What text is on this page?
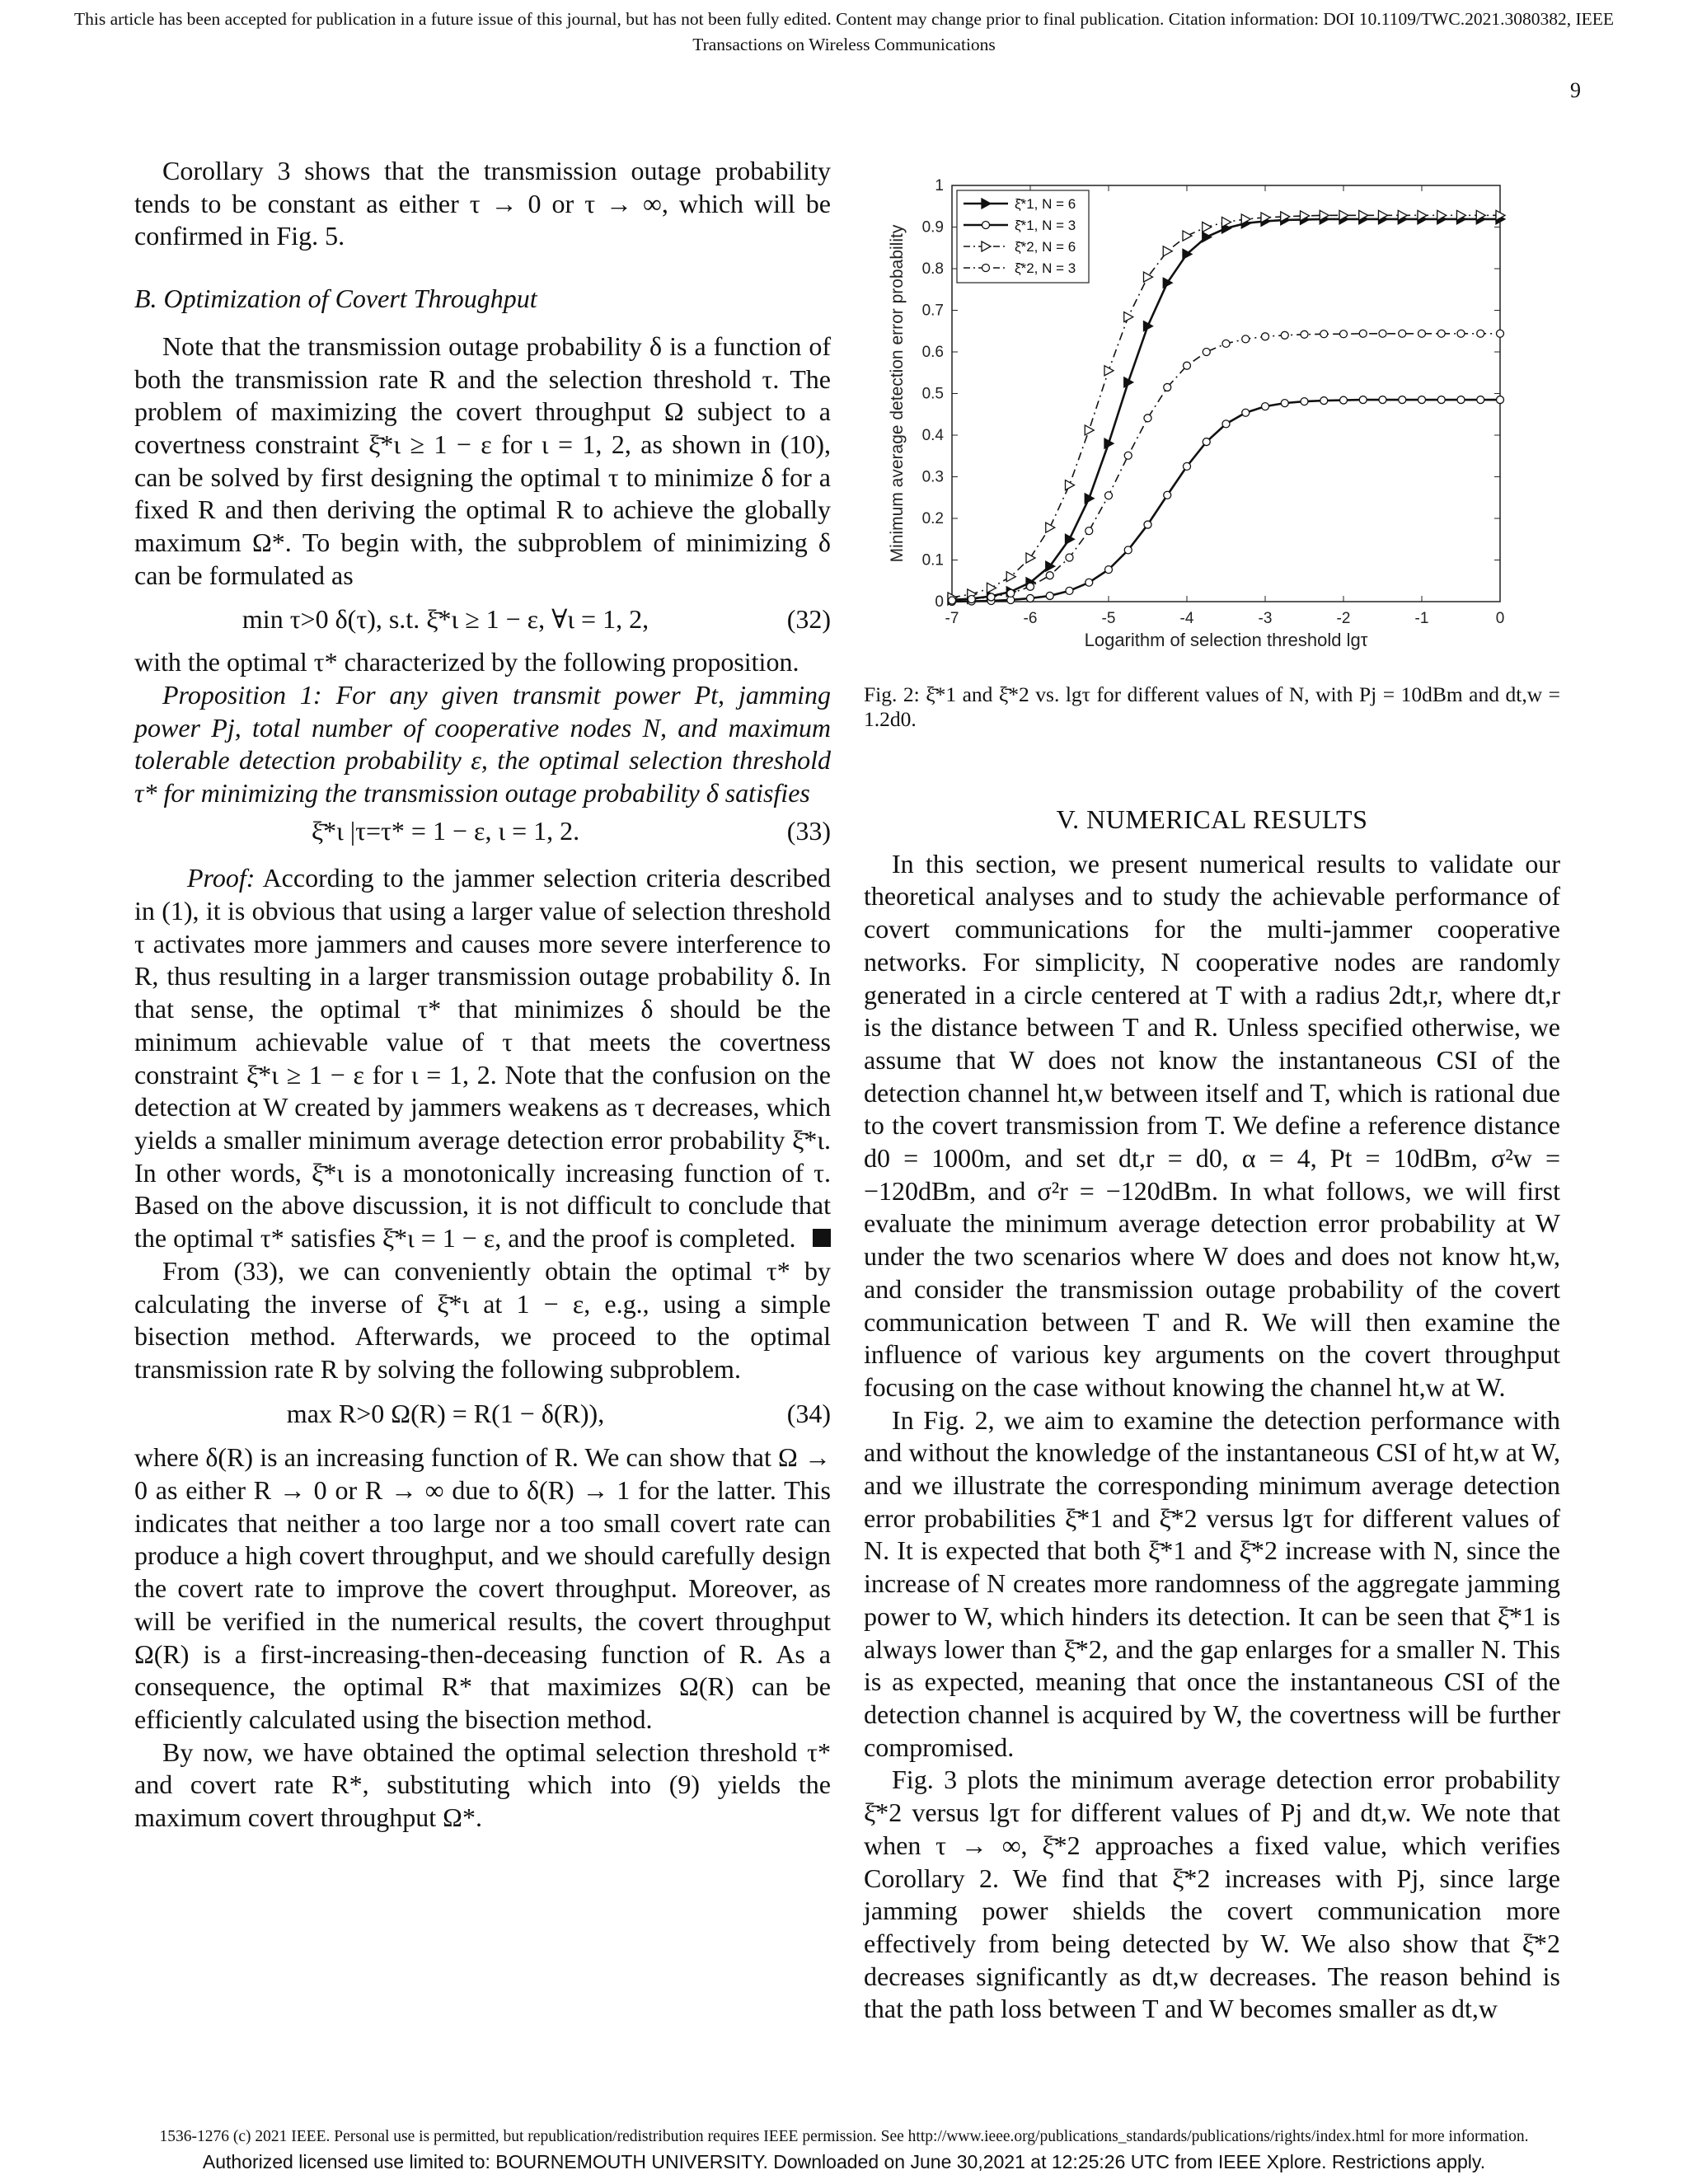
This article has been accepted for publication in a future issue of this journal, but has not been fully edited. Content may change prior to final publication. Citation information: DOI 10.1109/TWC.2021.3080382, IEEE
Transactions on Wireless Communications
9

Corollary 3 shows that the transmission outage probability tends to be constant as either τ → 0 or τ → ∞, which will be confirmed in Fig. 5.

B. Optimization of Covert Throughput

Note that the transmission outage probability δ is a function of both the transmission rate R and the selection threshold τ. The problem of maximizing the covert throughput Ω subject to a covertness constraint ξ̄*ι ≥ 1 − ε for ι = 1, 2, as shown in (10), can be solved by first designing the optimal τ to minimize δ for a fixed R and then deriving the optimal R to achieve the globally maximum Ω*. To begin with, the subproblem of minimizing δ can be formulated as

min τ>0 δ(τ), s.t. ξ̄*ι ≥ 1 − ε, ∀ι = 1, 2,	(32)

with the optimal τ* characterized by the following proposition.

Proposition 1: For any given transmit power Pt, jamming power Pj, total number of cooperative nodes N, and maximum tolerable detection probability ε, the optimal selection threshold τ* for minimizing the transmission outage probability δ satisfies

ξ̄*ι |τ=τ* = 1 − ε, ι = 1, 2.	(33)

Proof: According to the jammer selection criteria described in (1), it is obvious that using a larger value of selection threshold τ activates more jammers and causes more severe interference to R, thus resulting in a larger transmission outage probability δ. In that sense, the optimal τ* that minimizes δ should be the minimum achievable value of τ that meets the covertness constraint ξ̄*ι ≥ 1 − ε for ι = 1, 2. Note that the confusion on the detection at W created by jammers weakens as τ decreases, which yields a smaller minimum average detection error probability ξ̄*ι. In other words, ξ̄*ι is a monotonically increasing function of τ. Based on the above discussion, it is not difficult to conclude that the optimal τ* satisfies ξ̄*ι = 1 − ε, and the proof is completed.

From (33), we can conveniently obtain the optimal τ* by calculating the inverse of ξ̄*ι at 1 − ε, e.g., using a simple bisection method. Afterwards, we proceed to the optimal transmission rate R by solving the following subproblem.

max R>0 Ω(R) = R(1 − δ(R)),	(34)

where δ(R) is an increasing function of R. We can show that Ω → 0 as either R → 0 or R → ∞ due to δ(R) → 1 for the latter. This indicates that neither a too large nor a too small covert rate can produce a high covert throughput, and we should carefully design the covert rate to improve the covert throughput. Moreover, as will be verified in the numerical results, the covert throughput Ω(R) is a first-increasing-then-deceasing function of R. As a consequence, the optimal R* that maximizes Ω(R) can be efficiently calculated using the bisection method.

By now, we have obtained the optimal selection threshold τ* and covert rate R*, substituting which into (9) yields the maximum covert throughput Ω*.

-7	-6	-5	-4	-3	-2	-1	0
0
0.1
0.2
0.3
0.4
0.5
0.6
0.7
0.8
0.9
1
Logarithm of selection threshold lgτ
Minimum average detection error probability
ξ̄*1, N = 6
ξ̄*1, N = 3
ξ̄*2, N = 6
ξ̄*2, N = 3
Fig. 2: ξ̄*1 and ξ̄*2 vs. lgτ for different values of N, with Pj = 10dBm and dt,w = 1.2d0.
V. NUMERICAL RESULTS

In this section, we present numerical results to validate our theoretical analyses and to study the achievable performance of covert communications for the multi-jammer cooperative networks. For simplicity, N cooperative nodes are randomly generated in a circle centered at T with a radius 2dt,r, where dt,r is the distance between T and R. Unless specified otherwise, we assume that W does not know the instantaneous CSI of the detection channel ht,w between itself and T, which is rational due to the covert transmission from T. We define a reference distance d0 = 1000m, and set dt,r = d0, α = 4, Pt = 10dBm, σ²w = −120dBm, and σ²r = −120dBm. In what follows, we will first evaluate the minimum average detection error probability at W under the two scenarios where W does and does not know ht,w, and consider the transmission outage probability of the covert communication between T and R. We will then examine the influence of various key arguments on the covert throughput focusing on the case without knowing the channel ht,w at W.

In Fig. 2, we aim to examine the detection performance with and without the knowledge of the instantaneous CSI of ht,w at W, and we illustrate the corresponding minimum average detection error probabilities ξ̄*1 and ξ̄*2 versus lgτ for different values of N. It is expected that both ξ̄*1 and ξ̄*2 increase with N, since the increase of N creates more randomness of the aggregate jamming power to W, which hinders its detection. It can be seen that ξ̄*1 is always lower than ξ̄*2, and the gap enlarges for a smaller N. This is as expected, meaning that once the instantaneous CSI of the detection channel is acquired by W, the covertness will be further compromised.

Fig. 3 plots the minimum average detection error probability ξ̄*2 versus lgτ for different values of Pj and dt,w. We note that when τ → ∞, ξ̄*2 approaches a fixed value, which verifies Corollary 2. We find that ξ̄*2 increases with Pj, since large jamming power shields the covert communication more effectively from being detected by W. We also show that ξ̄*2 decreases significantly as dt,w decreases. The reason behind is that the path loss between T and W becomes smaller as dt,w

1536-1276 (c) 2021 IEEE. Personal use is permitted, but republication/redistribution requires IEEE permission. See http://www.ieee.org/publications_standards/publications/rights/index.html for more information.
Authorized licensed use limited to: BOURNEMOUTH UNIVERSITY. Downloaded on June 30,2021 at 12:25:26 UTC from IEEE Xplore. Restrictions apply.
